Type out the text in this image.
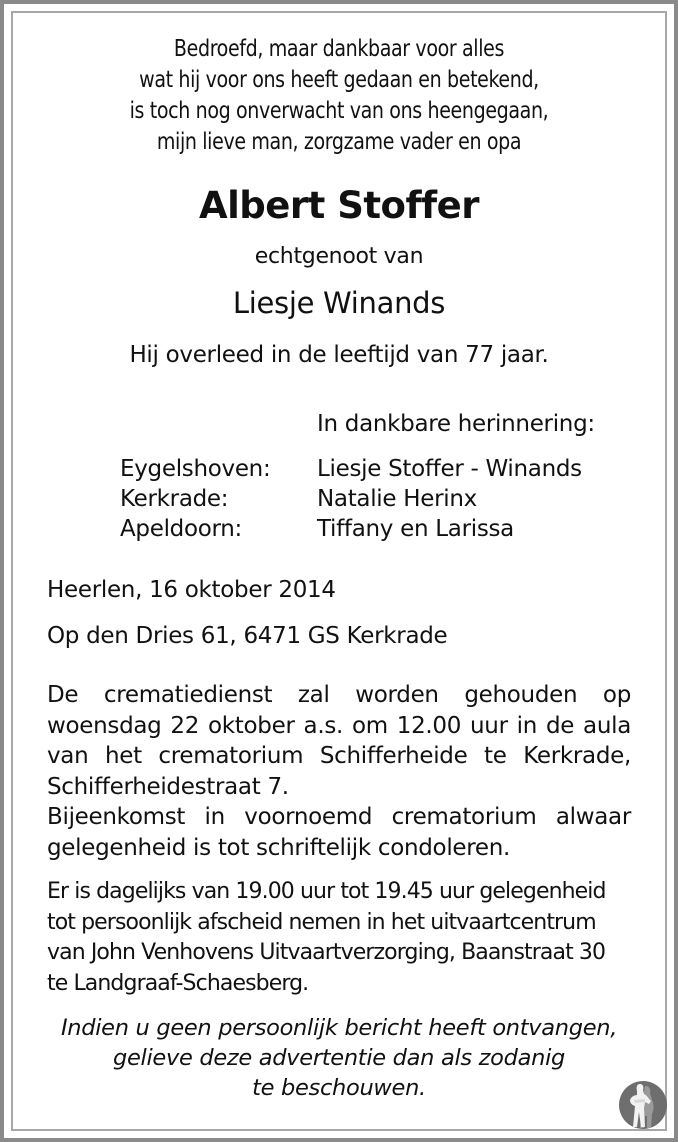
Bedroefd, maar dankbaar voor alles
wat hij voor ons heeft gedaan en betekend,
is toch nog onverwacht van ons heengegaan,
mijn lieve man, zorgzame vader en opa
Albert Stoffer
echtgenoot van
Liesje Winands
Hij overleed in de leeftijd van 77 jaar.
In dankbare herinnering:
Eygelshoven:	Liesje Stoffer - Winands
Kerkrade:	Natalie Herinx
Apeldoorn:	Tiffany en Larissa
Heerlen, 16 oktober 2014
Op den Dries 61, 6471 GS Kerkrade

De crematiedienst zal worden gehouden op woensdag 22 oktober a.s. om 12.00 uur in de aula van het crematorium Schifferheide te Kerkrade, Schifferheidestraat 7.

Bijeenkomst in voornoemd crematorium alwaar gelegenheid is tot schriftelijk condoleren.

Er is dagelijks van 19.00 uur tot 19.45 uur gelegenheid
tot persoonlijk afscheid nemen in het uitvaartcentrum
van John Venhovens Uitvaartverzorging, Baanstraat 30
te Landgraaf-Schaesberg.
Indien u geen persoonlijk bericht heeft ontvangen,
gelieve deze advertentie dan als zodanig
te beschouwen.
